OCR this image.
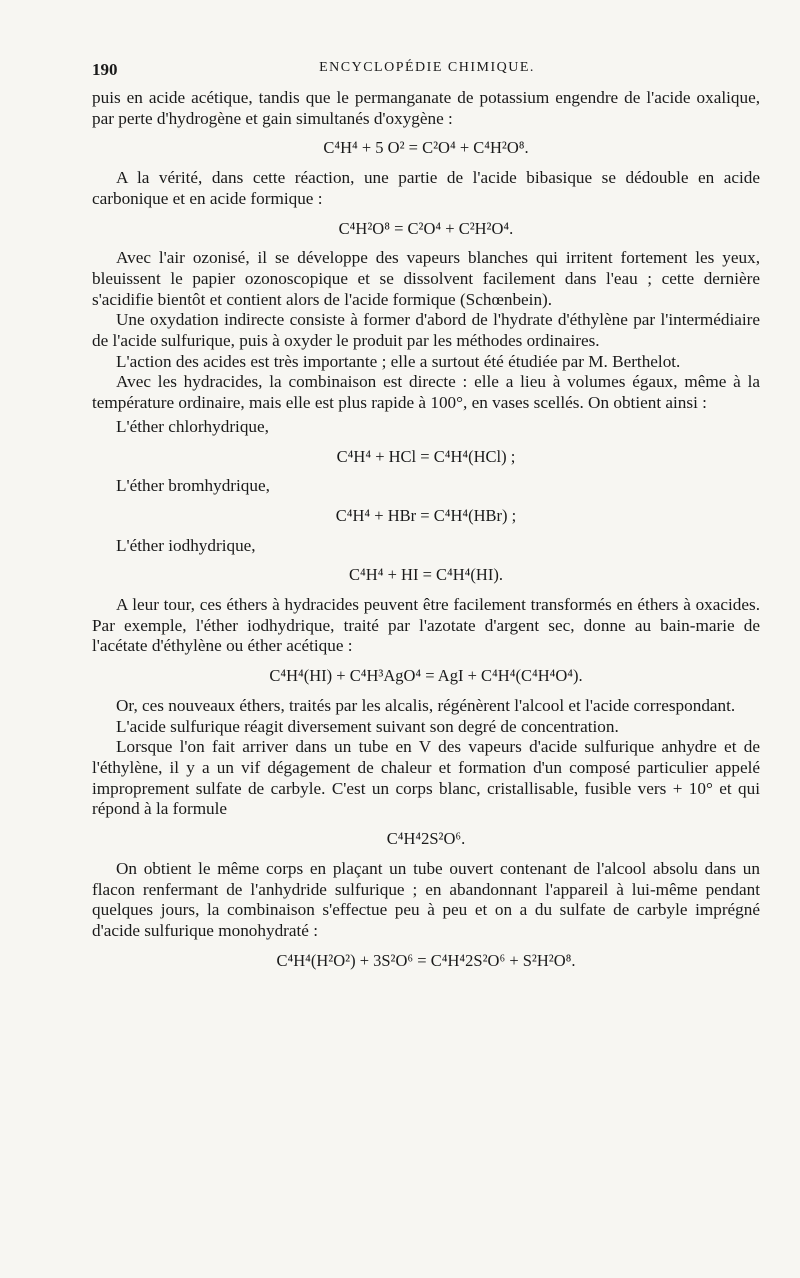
190	ENCYCLOPÉDIE CHIMIQUE.

puis en acide acétique, tandis que le permanganate de potassium engendre de l'acide oxalique, par perte d'hydrogène et gain simultanés d'oxygène :

C⁴H⁴ + 5 O² = C²O⁴ + C⁴H²O⁸.

A la vérité, dans cette réaction, une partie de l'acide bibasique se dédouble en acide carbonique et en acide formique :

C⁴H²O⁸ = C²O⁴ + C²H²O⁴.

Avec l'air ozonisé, il se développe des vapeurs blanches qui irritent fortement les yeux, bleuissent le papier ozonoscopique et se dissolvent facilement dans l'eau ; cette dernière s'acidifie bientôt et contient alors de l'acide formique (Schœnbein).

Une oxydation indirecte consiste à former d'abord de l'hydrate d'éthylène par l'intermédiaire de l'acide sulfurique, puis à oxyder le produit par les méthodes ordinaires.

L'action des acides est très importante ; elle a surtout été étudiée par M. Berthelot.

Avec les hydracides, la combinaison est directe : elle a lieu à volumes égaux, même à la température ordinaire, mais elle est plus rapide à 100°, en vases scellés. On obtient ainsi :

L'éther chlorhydrique,

C⁴H⁴ + HCl = C⁴H⁴(HCl) ;

L'éther bromhydrique,

C⁴H⁴ + HBr = C⁴H⁴(HBr) ;

L'éther iodhydrique,

C⁴H⁴ + HI = C⁴H⁴(HI).

A leur tour, ces éthers à hydracides peuvent être facilement transformés en éthers à oxacides. Par exemple, l'éther iodhydrique, traité par l'azotate d'argent sec, donne au bain-marie de l'acétate d'éthylène ou éther acétique :

C⁴H⁴(HI) + C⁴H³AgO⁴ = AgI + C⁴H⁴(C⁴H⁴O⁴).

Or, ces nouveaux éthers, traités par les alcalis, régénèrent l'alcool et l'acide correspondant.

L'acide sulfurique réagit diversement suivant son degré de concentration.

Lorsque l'on fait arriver dans un tube en V des vapeurs d'acide sulfurique anhydre et de l'éthylène, il y a un vif dégagement de chaleur et formation d'un composé particulier appelé improprement sulfate de carbyle. C'est un corps blanc, cristallisable, fusible vers + 10° et qui répond à la formule

C⁴H⁴2S²O⁶.

On obtient le même corps en plaçant un tube ouvert contenant de l'alcool absolu dans un flacon renfermant de l'anhydride sulfurique ; en abandonnant l'appareil à lui-même pendant quelques jours, la combinaison s'effectue peu à peu et on a du sulfate de carbyle imprégné d'acide sulfurique monohydraté :

C⁴H⁴(H²O²) + 3S²O⁶ = C⁴H⁴2S²O⁶ + S²H²O⁸.
